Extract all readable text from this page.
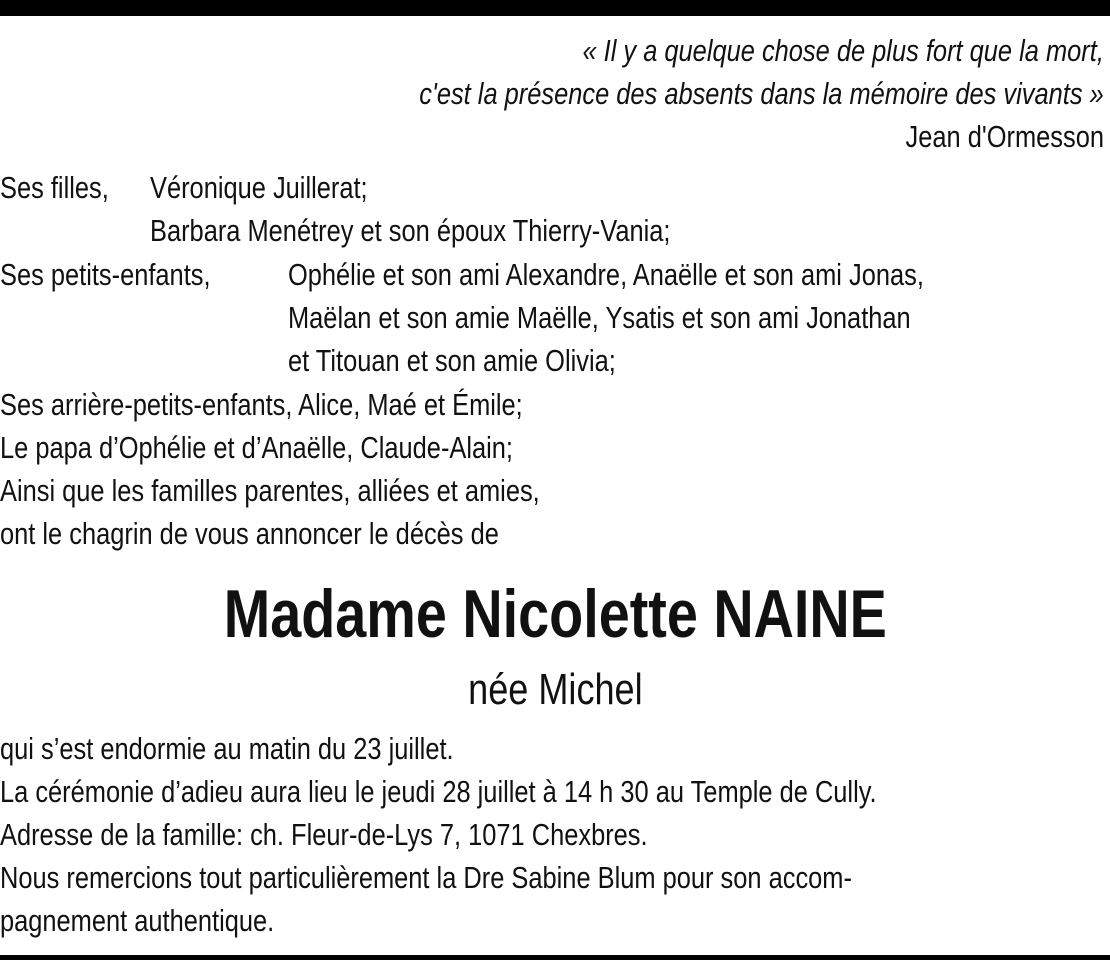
« Il y a quelque chose de plus fort que la mort,
c'est la présence des absents dans la mémoire des vivants »
Jean d'Ormesson
Ses filles,	Véronique Juillerat;
Barbara Menétrey et son époux Thierry-Vania;
Ses petits-enfants,	Ophélie et son ami Alexandre, Anaëlle et son ami Jonas,
Maëlan et son amie Maëlle, Ysatis et son ami Jonathan
et Titouan et son amie Olivia;
Ses arrière-petits-enfants, Alice, Maé et Émile;
Le papa d’Ophélie et d’Anaëlle, Claude-Alain;
Ainsi que les familles parentes, alliées et amies,
ont le chagrin de vous annoncer le décès de
Madame Nicolette NAINE
née Michel
qui s’est endormie au matin du 23 juillet.
La cérémonie d’adieu aura lieu le jeudi 28 juillet à 14 h 30 au Temple de Cully.
Adresse de la famille: ch. Fleur-de-Lys 7, 1071 Chexbres.
Nous remercions tout particulièrement la Dre Sabine Blum pour son accom-
pagnement authentique.
